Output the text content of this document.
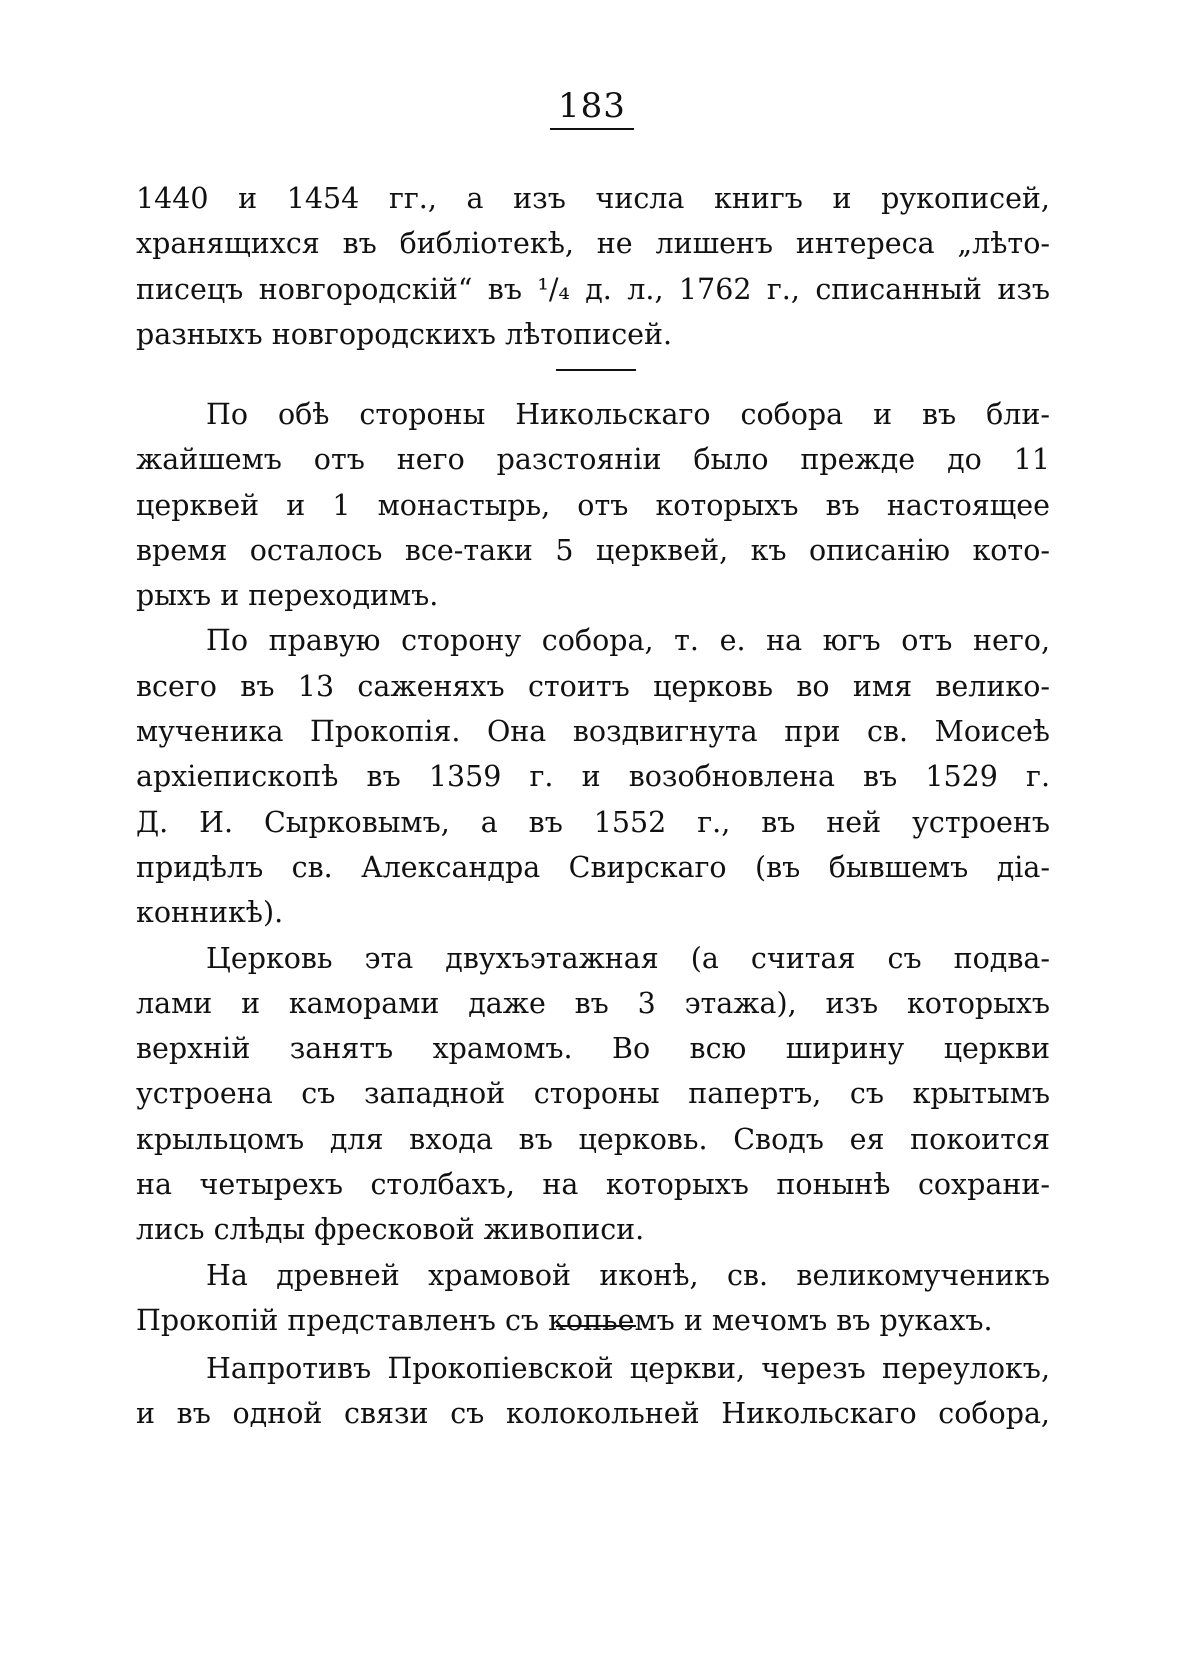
183
1440 и 1454 гг., а изъ числа книгъ и рукописей,
хранящихся въ библіотекѣ, не лишенъ интереса „лѣто-
писецъ новгородскій“ въ ¹/₄ д. л., 1762 г., списанный изъ
разныхъ новгородскихъ лѣтописей.
По обѣ стороны Никольскаго собора и въ бли-
жайшемъ отъ него разстояніи было прежде до 11
церквей и 1 монастырь, отъ которыхъ въ настоящее
время осталось все-таки 5 церквей, къ описанію кото-
рыхъ и переходимъ.
По правую сторону собора, т. е. на югъ отъ него,
всего въ 13 саженяхъ стоитъ церковь во имя велико-
мученика Прокопія. Она воздвигнута при св. Моисеѣ
архіепископѣ въ 1359 г. и возобновлена въ 1529 г.
Д. И. Сырковымъ, а въ 1552 г., въ ней устроенъ
придѣлъ св. Александра Свирскаго (въ бывшемъ діа-
конникѣ).
Церковь эта двухъэтажная (а считая съ подва-
лами и каморами даже въ 3 этажа), изъ которыхъ
верхній занятъ храмомъ. Во всю ширину церкви
устроена съ западной стороны папертъ, съ крытымъ
крыльцомъ для входа въ церковь. Сводъ ея покоится
на четырехъ столбахъ, на которыхъ понынѣ сохрани-
лись слѣды фресковой живописи.
На древней храмовой иконѣ, св. великомученикъ
Прокопій представленъ съ копьемъ и мечомъ въ рукахъ.
Напротивъ Прокопіевской церкви, черезъ переулокъ,
и въ одной связи съ колокольней Никольскаго собора,
